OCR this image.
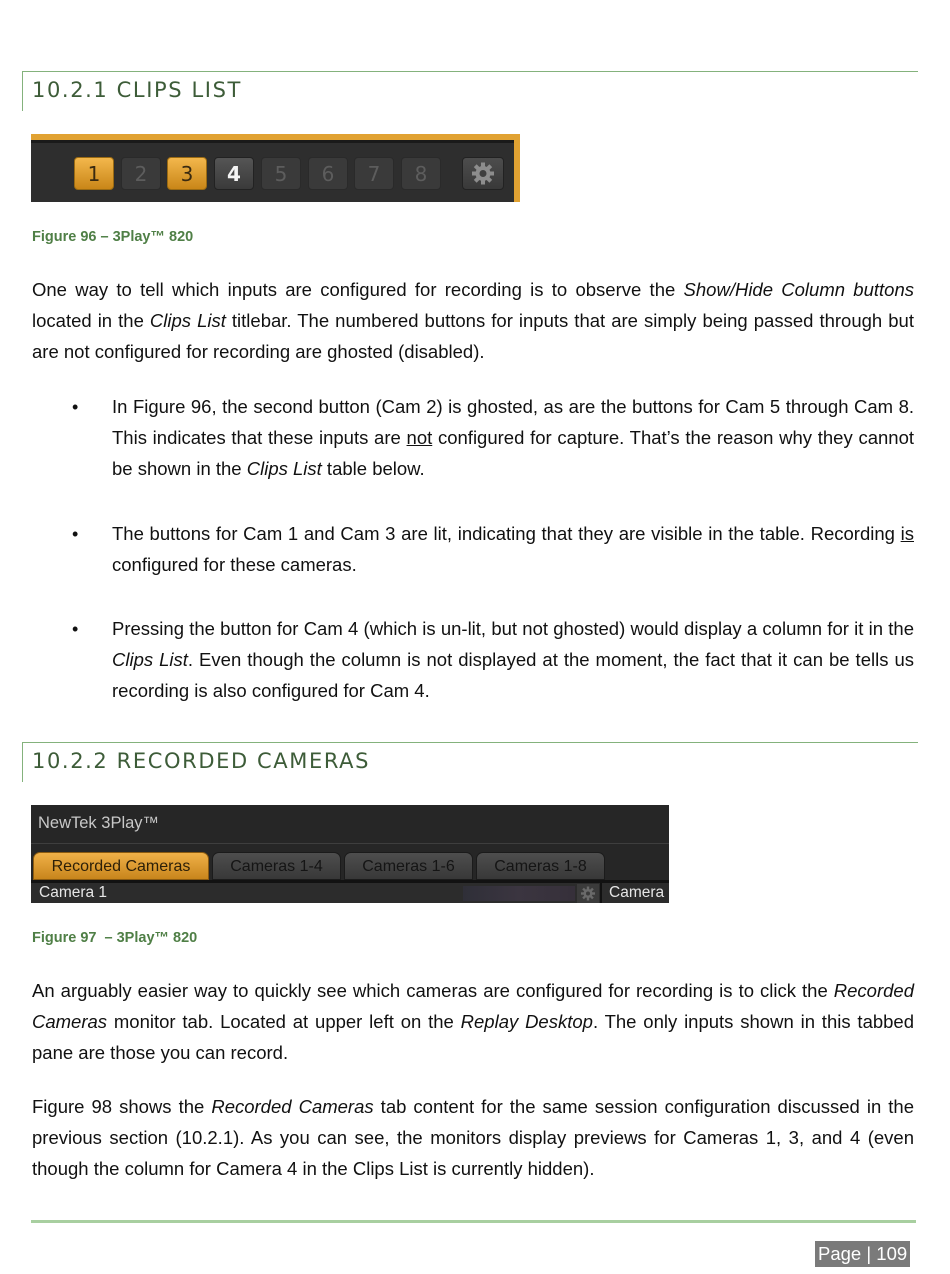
10.2.1 CLIPS LIST
1	2	3	4	5	6	7	8
Figure 96 – 3Play™ 820

One way to tell which inputs are configured for recording is to observe the Show/Hide Column buttons located in the Clips List titlebar. The numbered buttons for inputs that are simply being passed through but are not configured for recording are ghosted (disabled).

• In Figure 96, the second button (Cam 2) is ghosted, as are the buttons for Cam 5 through Cam 8. This indicates that these inputs are not configured for capture. That’s the reason why they cannot be shown in the Clips List table below.

• The buttons for Cam 1 and Cam 3 are lit, indicating that they are visible in the table. Recording is configured for these cameras.

• Pressing the button for Cam 4 (which is un-lit, but not ghosted) would display a column for it in the Clips List. Even though the column is not displayed at the moment, the fact that it can be tells us recording is also configured for Cam 4.

10.2.2 RECORDED CAMERAS
NewTek 3Play™
Recorded Cameras	Cameras 1-4	Cameras 1-6	Cameras 1-8
Camera 1	Camera
Figure 97  – 3Play™ 820

An arguably easier way to quickly see which cameras are configured for recording is to click the Recorded Cameras monitor tab. Located at upper left on the Replay Desktop. The only inputs shown in this tabbed pane are those you can record.

Figure 98 shows the Recorded Cameras tab content for the same session configuration discussed in the previous section (10.2.1). As you can see, the monitors display previews for Cameras 1, 3, and 4 (even though the column for Camera 4 in the Clips List is currently hidden).

Page | 109
